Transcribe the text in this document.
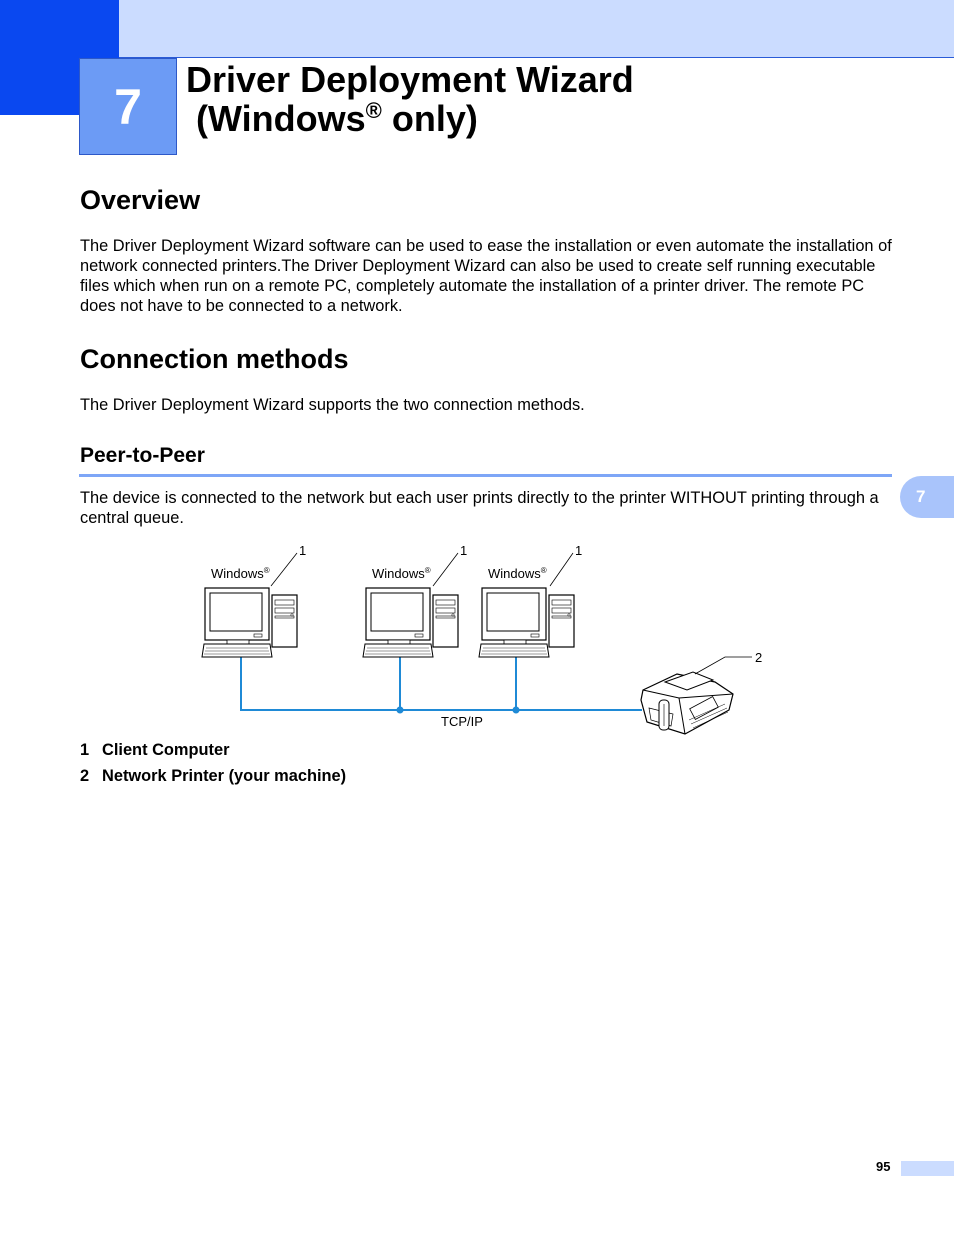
7 Driver Deployment Wizard
(Windows® only)
Overview

The Driver Deployment Wizard software can be used to ease the installation or even automate the installation of network connected printers.The Driver Deployment Wizard can also be used to create self running executable files which when run on a remote PC, completely automate the installation of a printer driver. The remote PC does not have to be connected to a network.

Connection methods

The Driver Deployment Wizard supports the two connection methods.

Peer-to-Peer

The device is connected to the network but each user prints directly to the printer WITHOUT printing through a central queue.

7
TCP/IP
Windows®
1
Windows®
1
Windows®
1
2
1 Client Computer
2 Network Printer (your machine)
95
